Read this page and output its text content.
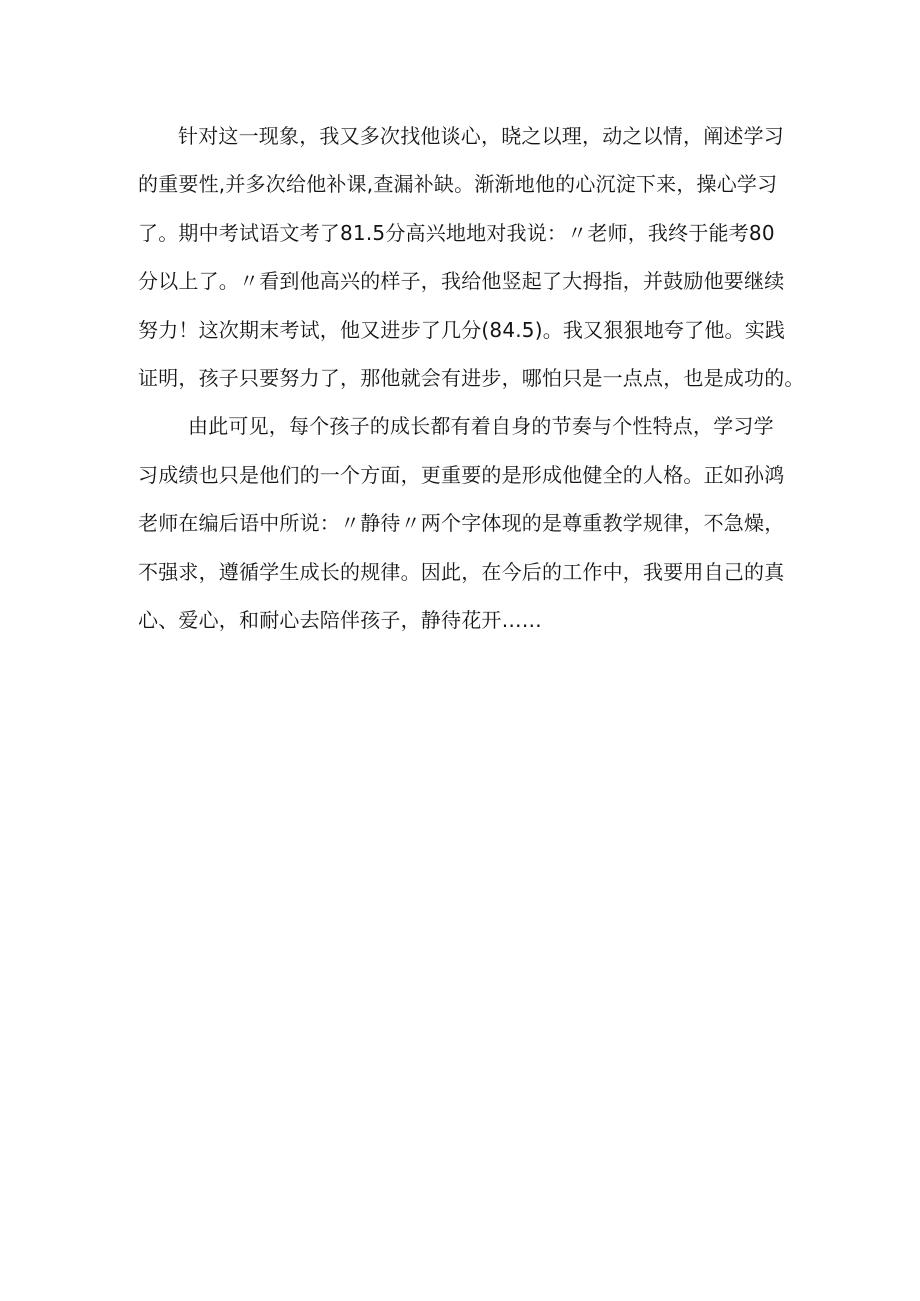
针对这一现象，我又多次找他谈心，晓之以理，动之以情，阐述学习
的重要性,并多次给他补课,查漏补缺。渐渐地他的心沉淀下来，操心学习
了。期中考试语文考了81.5分高兴地地对我说：〃老师，我终于能考80
分以上了。〃看到他高兴的样子，我给他竖起了大拇指，并鼓励他要继续
努力！这次期末考试，他又进步了几分(84.5)。我又狠狠地夸了他。实践
证明，孩子只要努力了，那他就会有进步，哪怕只是一点点，也是成功的。
由此可见，每个孩子的成长都有着自身的节奏与个性特点，学习学
习成绩也只是他们的一个方面，更重要的是形成他健全的人格。正如孙鸿
老师在编后语中所说：〃静待〃两个字体现的是尊重教学规律，不急燥，
不强求，遵循学生成长的规律。因此，在今后的工作中，我要用自己的真
心、爱心，和耐心去陪伴孩子，静待花开……
